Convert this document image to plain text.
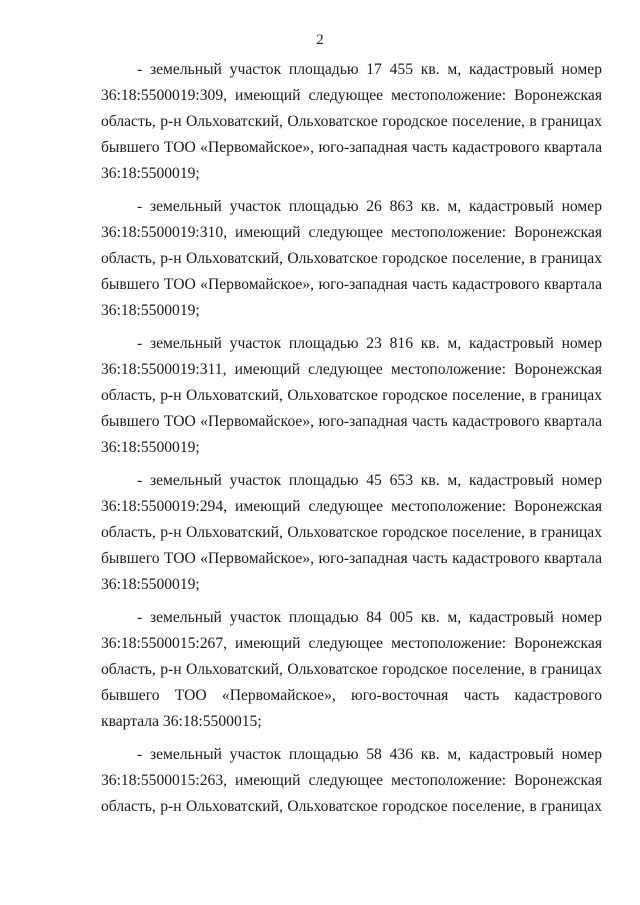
2

- земельный участок площадью 17 455 кв. м, кадастровый номер 36:18:5500019:309, имеющий следующее местоположение: Воронежская область, р-н Ольховатский, Ольховатское городское поселение, в границах бывшего ТОО «Первомайское», юго-западная часть кадастрового квартала 36:18:5500019;

- земельный участок площадью 26 863 кв. м, кадастровый номер 36:18:5500019:310, имеющий следующее местоположение: Воронежская область, р-н Ольховатский, Ольховатское городское поселение, в границах бывшего ТОО «Первомайское», юго-западная часть кадастрового квартала 36:18:5500019;

- земельный участок площадью 23 816 кв. м, кадастровый номер 36:18:5500019:311, имеющий следующее местоположение: Воронежская область, р-н Ольховатский, Ольховатское городское поселение, в границах бывшего ТОО «Первомайское», юго-западная часть кадастрового квартала 36:18:5500019;

- земельный участок площадью 45 653 кв. м, кадастровый номер 36:18:5500019:294, имеющий следующее местоположение: Воронежская область, р-н Ольховатский, Ольховатское городское поселение, в границах бывшего ТОО «Первомайское», юго-западная часть кадастрового квартала 36:18:5500019;

- земельный участок площадью 84 005 кв. м, кадастровый номер 36:18:5500015:267, имеющий следующее местоположение: Воронежская область, р-н Ольховатский, Ольховатское городское поселение, в границах бывшего ТОО «Первомайское», юго-восточная часть кадастрового квартала 36:18:5500015;

- земельный участок площадью 58 436 кв. м, кадастровый номер 36:18:5500015:263, имеющий следующее местоположение: Воронежская область, р-н Ольховатский, Ольховатское городское поселение, в границах
